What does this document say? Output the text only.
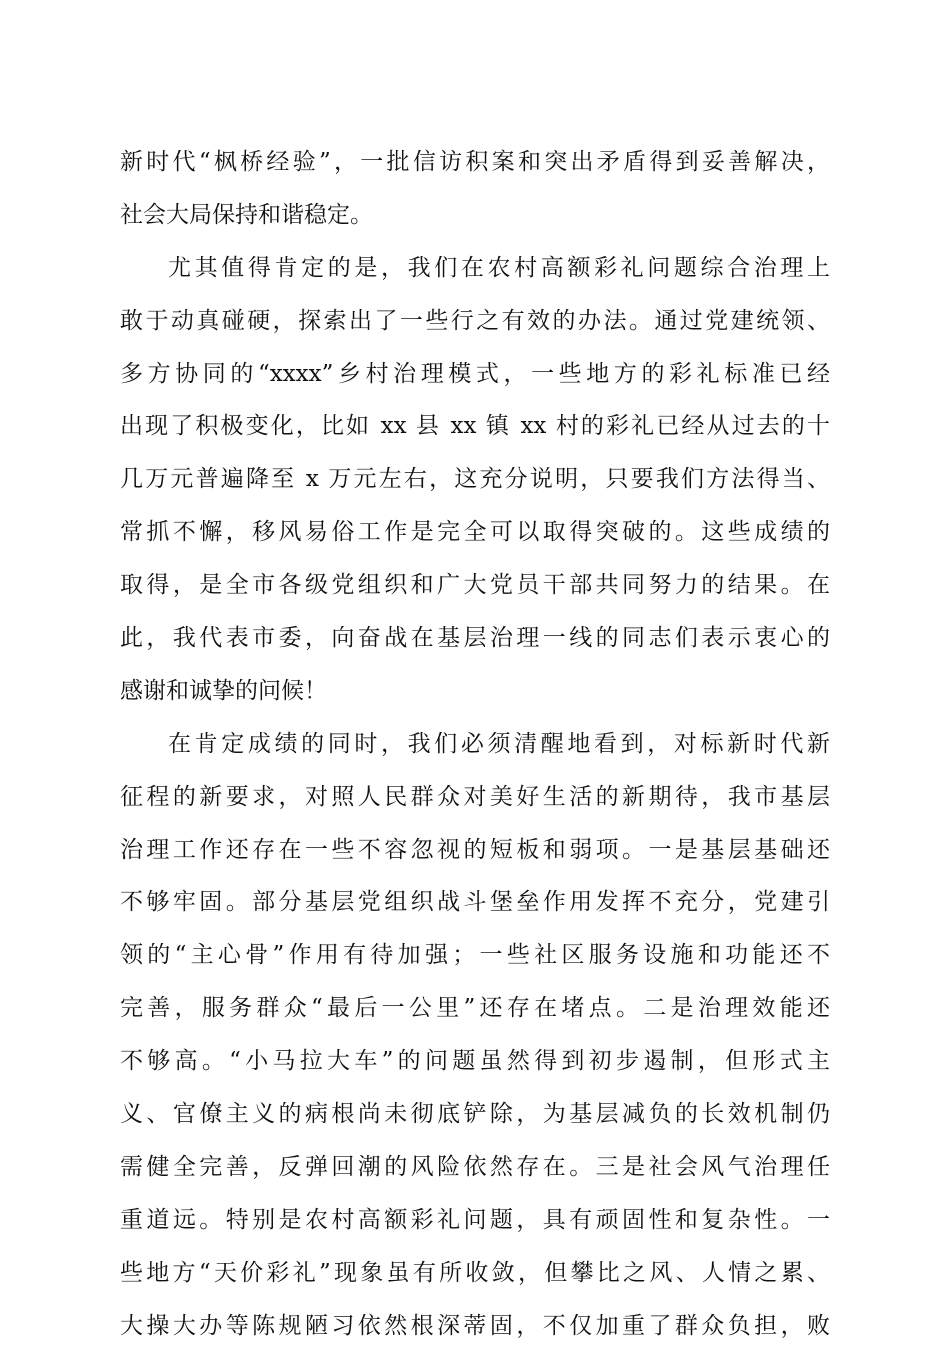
新时代“枫桥经验”，一批信访积案和突出矛盾得到妥善解决，
社会大局保持和谐稳定。
尤其值得肯定的是，我们在农村高额彩礼问题综合治理上
敢于动真碰硬，探索出了一些行之有效的办法。通过党建统领、
多方协同的“xxxx”乡村治理模式，一些地方的彩礼标准已经
出现了积极变化，比如 xx 县 xx 镇 xx 村的彩礼已经从过去的十
几万元普遍降至 x 万元左右，这充分说明，只要我们方法得当、
常抓不懈，移风易俗工作是完全可以取得突破的。这些成绩的
取得，是全市各级党组织和广大党员干部共同努力的结果。在
此，我代表市委，向奋战在基层治理一线的同志们表示衷心的
感谢和诚挚的问候！
在肯定成绩的同时，我们必须清醒地看到，对标新时代新
征程的新要求，对照人民群众对美好生活的新期待，我市基层
治理工作还存在一些不容忽视的短板和弱项。一是基层基础还
不够牢固。部分基层党组织战斗堡垒作用发挥不充分，党建引
领的“主心骨”作用有待加强；一些社区服务设施和功能还不
完善，服务群众“最后一公里”还存在堵点。二是治理效能还
不够高。“小马拉大车”的问题虽然得到初步遏制，但形式主
义、官僚主义的病根尚未彻底铲除，为基层减负的长效机制仍
需健全完善，反弹回潮的风险依然存在。三是社会风气治理任
重道远。特别是农村高额彩礼问题，具有顽固性和复杂性。一
些地方“天价彩礼”现象虽有所收敛，但攀比之风、人情之累、
大操大办等陈规陋习依然根深蒂固，不仅加重了群众负担，败
